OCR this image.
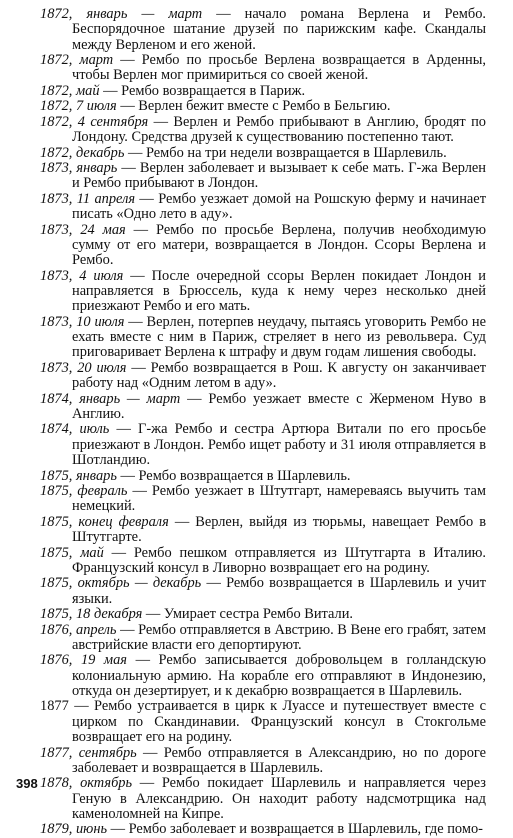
1872, январь — март — начало романа Верлена и Рембо. Беспорядочное шатание друзей по парижским кафе. Скандалы между Верленом и его женой.

1872, март — Рембо по просьбе Верлена возвращается в Арденны, чтобы Верлен мог примириться со своей женой.

1872, май — Рембо возвращается в Париж.

1872, 7 июля — Верлен бежит вместе с Рембо в Бельгию.

1872, 4 сентября — Верлен и Рембо прибывают в Англию, бродят по Лондону. Средства друзей к существованию постепенно тают.

1872, декабрь — Рембо на три недели возвращается в Шарлевиль.

1873, январь — Верлен заболевает и вызывает к себе мать. Г-жа Верлен и Рембо прибывают в Лондон.

1873, 11 апреля — Рембо уезжает домой на Рошскую ферму и начинает писать «Одно лето в аду».

1873, 24 мая — Рембо по просьбе Верлена, получив необходимую сумму от его матери, возвращается в Лондон. Ссоры Верлена и Рембо.

1873, 4 июля — После очередной ссоры Верлен покидает Лондон и направляется в Брюссель, куда к нему через несколько дней приезжают Рембо и его мать.

1873, 10 июля — Верлен, потерпев неудачу, пытаясь уговорить Рембо не ехать вместе с ним в Париж, стреляет в него из револьвера. Суд приговаривает Верлена к штрафу и двум годам лишения свободы.

1873, 20 июля — Рембо возвращается в Рош. К августу он заканчивает работу над «Одним летом в аду».

1874, январь — март — Рембо уезжает вместе с Жерменом Нуво в Англию.

1874, июль — Г-жа Рембо и сестра Артюра Витали по его просьбе приезжают в Лондон. Рембо ищет работу и 31 июля отправляется в Шотландию.

1875, январь — Рембо возвращается в Шарлевиль.

1875, февраль — Рембо уезжает в Штутгарт, намереваясь выучить там немецкий.

1875, конец февраля — Верлен, выйдя из тюрьмы, навещает Рембо в Штутгарте.

1875, май — Рембо пешком отправляется из Штутгарта в Италию. Французский консул в Ливорно возвращает его на родину.

1875, октябрь — декабрь — Рембо возвращается в Шарлевиль и учит языки.

1875, 18 декабря — Умирает сестра Рембо Витали.

1876, апрель — Рембо отправляется в Австрию. В Вене его грабят, затем австрийские власти его депортируют.

1876, 19 мая — Рембо записывается добровольцем в голландскую колониальную армию. На корабле его отправляют в Индонезию, откуда он дезертирует, и к декабрю возвращается в Шарлевиль.

1877 — Рембо устраивается в цирк к Луассе и путешествует вместе с цирком по Скандинавии. Французский консул в Стокгольме возвращает его на родину.

1877, сентябрь — Рембо отправляется в Александрию, но по дороге заболевает и возвращается в Шарлевиль.

1878, октябрь — Рембо покидает Шарлевиль и направляется через Геную в Александрию. Он находит работу надсмотрщика над каменоломней на Кипре.

1879, июнь — Рембо заболевает и возвращается в Шарлевиль, где помо-

398
